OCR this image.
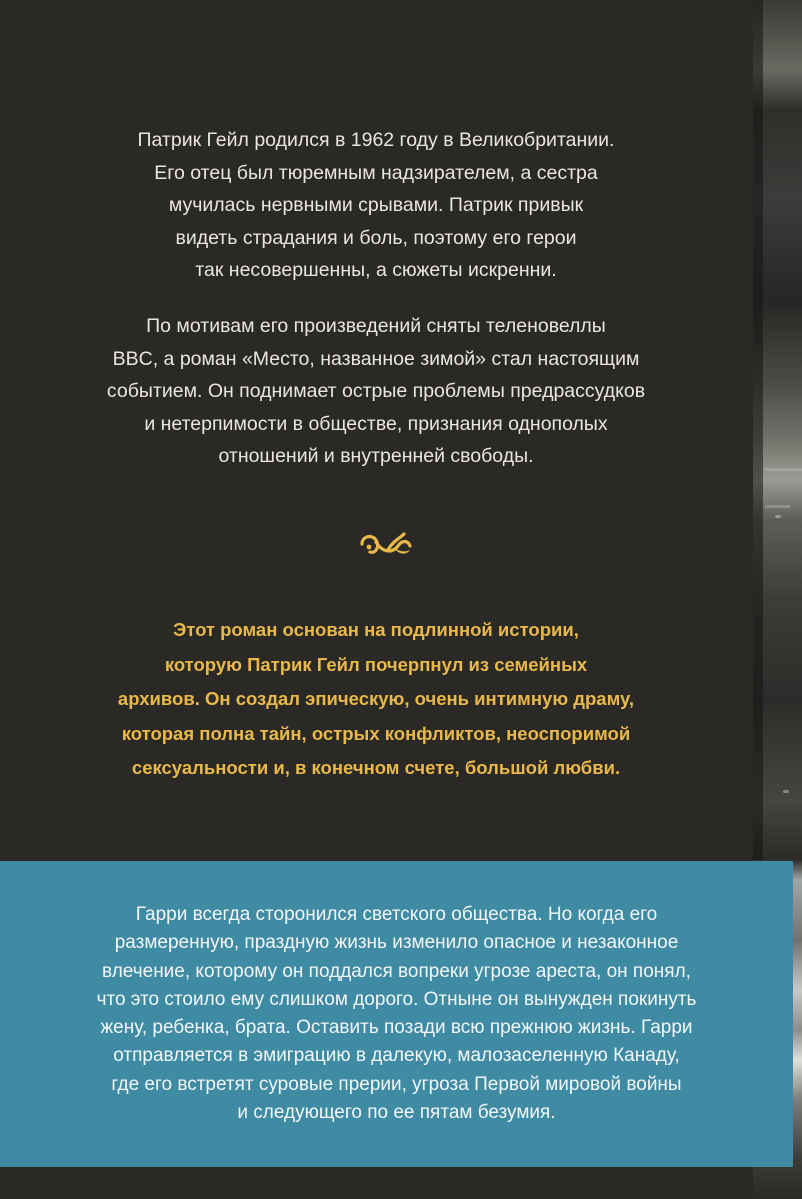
Патрик Гейл родился в 1962 году в Великобритании.
Его отец был тюремным надзирателем, а сестра
мучилась нервными срывами. Патрик привык
видеть страдания и боль, поэтому его герои
так несовершенны, а сюжеты искренни.

По мотивам его произведений сняты теленовеллы
BBC, а роман «Место, названное зимой» стал настоящим
событием. Он поднимает острые проблемы предрассудков
и нетерпимости в обществе, признания однополых
отношений и внутренней свободы.

Этот роман основан на подлинной истории,
которую Патрик Гейл почерпнул из семейных
архивов. Он создал эпическую, очень интимную драму,
которая полна тайн, острых конфликтов, неоспоримой
сексуальности и, в конечном счете, большой любви.

Гарри всегда сторонился светского общества. Но когда его
размеренную, праздную жизнь изменило опасное и незаконное
влечение, которому он поддался вопреки угрозе ареста, он понял,
что это стоило ему слишком дорого. Отныне он вынужден покинуть
жену, ребенка, брата. Оставить позади всю прежнюю жизнь. Гарри
отправляется в эмиграцию в далекую, малозаселенную Канаду,
где его встретят суровые прерии, угроза Первой мировой войны
и следующего по ее пятам безумия.
